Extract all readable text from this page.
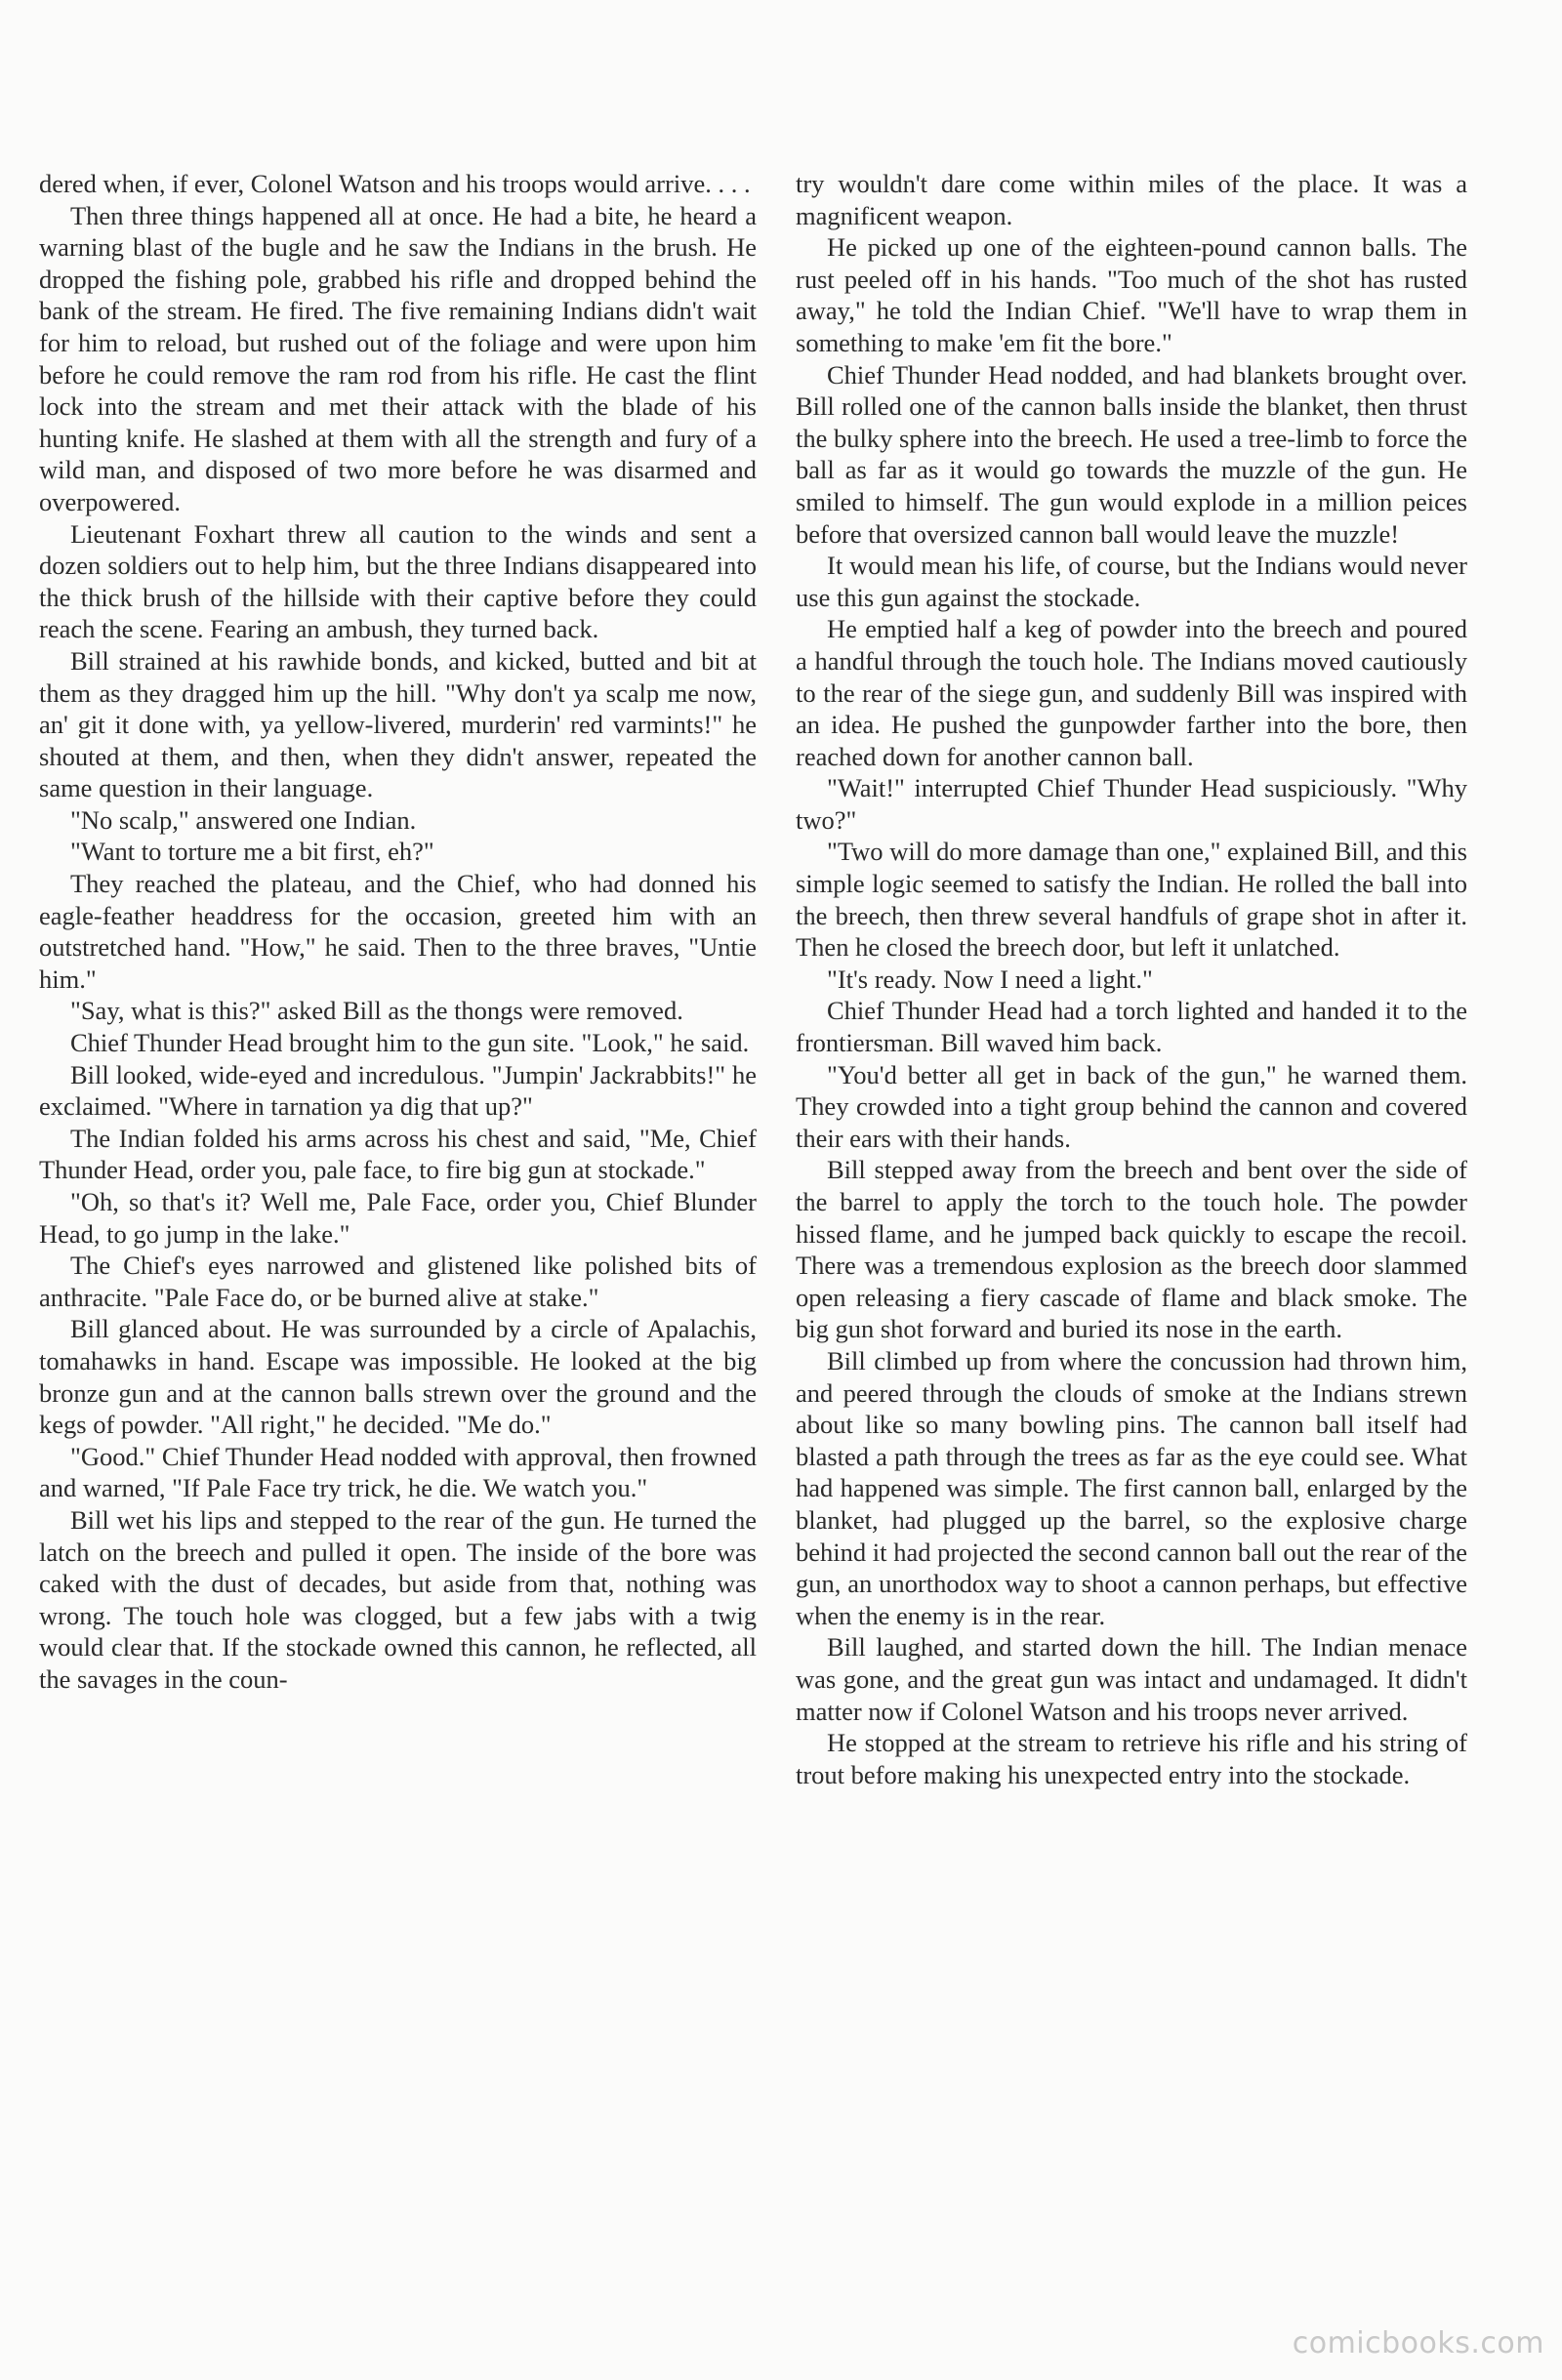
dered when, if ever, Colonel Watson and his troops would arrive. . . .

Then three things happened all at once. He had a bite, he heard a warning blast of the bugle and he saw the Indians in the brush. He dropped the fishing pole, grabbed his rifle and dropped behind the bank of the stream. He fired. The five remaining Indians didn't wait for him to reload, but rushed out of the foliage and were upon him before he could remove the ram rod from his rifle. He cast the flint lock into the stream and met their attack with the blade of his hunting knife. He slashed at them with all the strength and fury of a wild man, and disposed of two more before he was disarmed and overpowered.

Lieutenant Foxhart threw all caution to the winds and sent a dozen soldiers out to help him, but the three Indians disappeared into the thick brush of the hillside with their captive before they could reach the scene. Fearing an ambush, they turned back.

Bill strained at his rawhide bonds, and kicked, butted and bit at them as they dragged him up the hill. "Why don't ya scalp me now, an' git it done with, ya yellow-livered, murderin' red varmints!" he shouted at them, and then, when they didn't answer, repeated the same question in their language.

"No scalp," answered one Indian.

"Want to torture me a bit first, eh?"

They reached the plateau, and the Chief, who had donned his eagle-feather headdress for the occasion, greeted him with an outstretched hand. "How," he said. Then to the three braves, "Untie him."

"Say, what is this?" asked Bill as the thongs were removed.

Chief Thunder Head brought him to the gun site. "Look," he said.

Bill looked, wide-eyed and incredulous. "Jumpin' Jackrabbits!" he exclaimed. "Where in tarnation ya dig that up?"

The Indian folded his arms across his chest and said, "Me, Chief Thunder Head, order you, pale face, to fire big gun at stockade."

"Oh, so that's it? Well me, Pale Face, order you, Chief Blunder Head, to go jump in the lake."

The Chief's eyes narrowed and glistened like polished bits of anthracite. "Pale Face do, or be burned alive at stake."

Bill glanced about. He was surrounded by a circle of Apalachis, tomahawks in hand. Escape was impossible. He looked at the big bronze gun and at the cannon balls strewn over the ground and the kegs of powder. "All right," he decided. "Me do."

"Good." Chief Thunder Head nodded with approval, then frowned and warned, "If Pale Face try trick, he die. We watch you."

Bill wet his lips and stepped to the rear of the gun. He turned the latch on the breech and pulled it open. The inside of the bore was caked with the dust of decades, but aside from that, nothing was wrong. The touch hole was clogged, but a few jabs with a twig would clear that. If the stockade owned this cannon, he reflected, all the savages in the coun-

try wouldn't dare come within miles of the place. It was a magnificent weapon.

He picked up one of the eighteen-pound cannon balls. The rust peeled off in his hands. "Too much of the shot has rusted away," he told the Indian Chief. "We'll have to wrap them in something to make 'em fit the bore."

Chief Thunder Head nodded, and had blankets brought over. Bill rolled one of the cannon balls inside the blanket, then thrust the bulky sphere into the breech. He used a tree-limb to force the ball as far as it would go towards the muzzle of the gun. He smiled to himself. The gun would explode in a million peices before that oversized cannon ball would leave the muzzle!

It would mean his life, of course, but the Indians would never use this gun against the stockade.

He emptied half a keg of powder into the breech and poured a handful through the touch hole. The Indians moved cautiously to the rear of the siege gun, and suddenly Bill was inspired with an idea. He pushed the gunpowder farther into the bore, then reached down for another cannon ball.

"Wait!" interrupted Chief Thunder Head suspiciously. "Why two?"

"Two will do more damage than one," explained Bill, and this simple logic seemed to satisfy the Indian. He rolled the ball into the breech, then threw several handfuls of grape shot in after it. Then he closed the breech door, but left it unlatched.

"It's ready. Now I need a light."

Chief Thunder Head had a torch lighted and handed it to the frontiersman. Bill waved him back.

"You'd better all get in back of the gun," he warned them. They crowded into a tight group behind the cannon and covered their ears with their hands.

Bill stepped away from the breech and bent over the side of the barrel to apply the torch to the touch hole. The powder hissed flame, and he jumped back quickly to escape the recoil. There was a tremendous explosion as the breech door slammed open releasing a fiery cascade of flame and black smoke. The big gun shot forward and buried its nose in the earth.

Bill climbed up from where the concussion had thrown him, and peered through the clouds of smoke at the Indians strewn about like so many bowling pins. The cannon ball itself had blasted a path through the trees as far as the eye could see. What had happened was simple. The first cannon ball, enlarged by the blanket, had plugged up the barrel, so the explosive charge behind it had projected the second cannon ball out the rear of the gun, an unorthodox way to shoot a cannon perhaps, but effective when the enemy is in the rear.

Bill laughed, and started down the hill. The Indian menace was gone, and the great gun was intact and undamaged. It didn't matter now if Colonel Watson and his troops never arrived.

He stopped at the stream to retrieve his rifle and his string of trout before making his unexpected entry into the stockade.

comicbooks.com
